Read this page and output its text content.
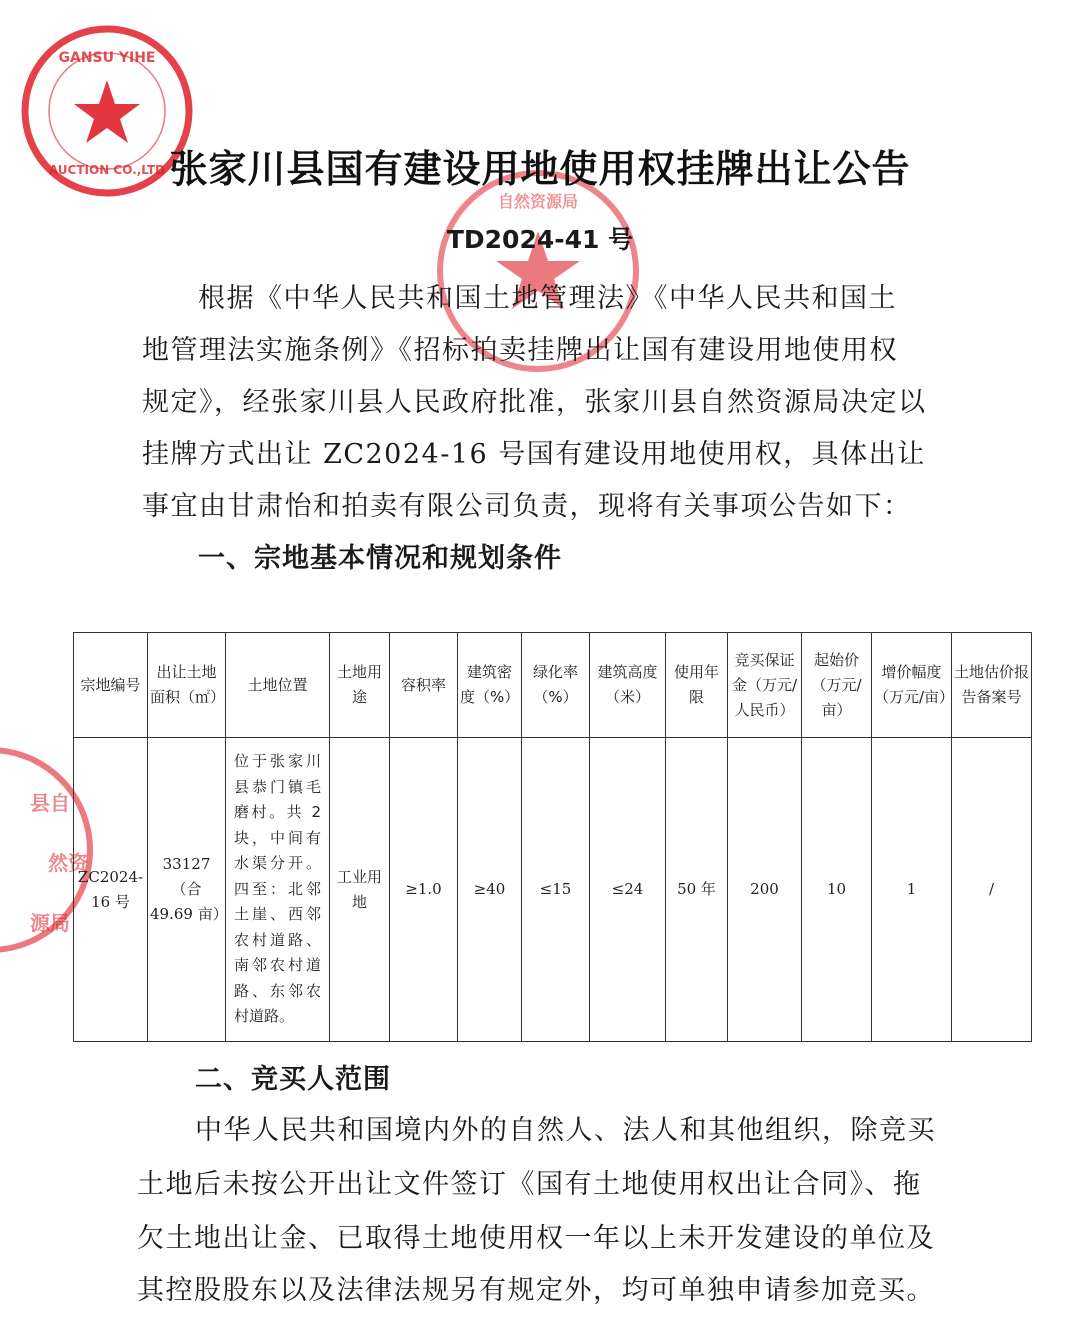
GANSU YIHE
AUCTION CO.,LTD
自然资源局
县自
然资
源局
张家川县国有建设用地使用权挂牌出让公告
TD2024-41 号
根据《中华人民共和国土地管理法》《中华人民共和国土
地管理法实施条例》《招标拍卖挂牌出让国有建设用地使用权
规定》，经张家川县人民政府批准，张家川县自然资源局决定以
挂牌方式出让 ZC2024-16 号国有建设用地使用权，具体出让
事宜由甘肃怡和拍卖有限公司负责，现将有关事项公告如下：
一、宗地基本情况和规划条件
宗地编号	出让土地面积（㎡）	土地位置	土地用途	容积率	建筑密度（%）	绿化率（%）	建筑高度（米）	使用年限	竞买保证金（万元/人民币）	起始价（万元/亩）	增价幅度（万元/亩）	土地估价报告备案号
ZC2024-16 号	33127（合 49.69 亩）	位于张家川县恭门镇毛磨村。共 2 块，中间有水渠分开。四至：北邻土崖、西邻农村道路、南邻农村道路、东邻农村道路。	工业用地	≥1.0	≥40	≤15	≤24	50 年	200	10	1	/
二、竞买人范围
中华人民共和国境内外的自然人、法人和其他组织，除竞买
土地后未按公开出让文件签订《国有土地使用权出让合同》、拖
欠土地出让金、已取得土地使用权一年以上未开发建设的单位及
其控股股东以及法律法规另有规定外，均可单独申请参加竞买。
